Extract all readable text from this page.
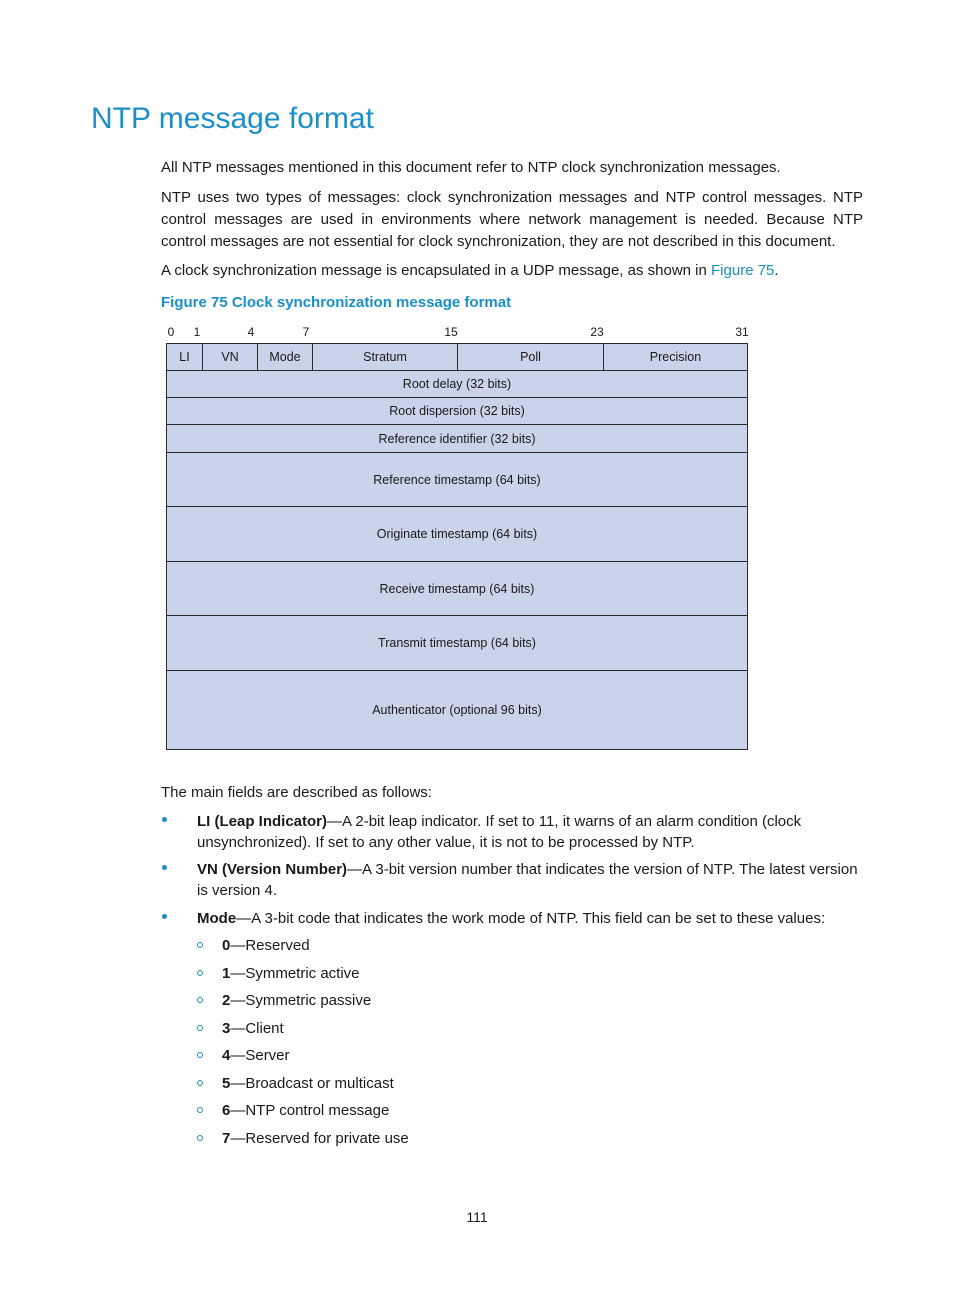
NTP message format

All NTP messages mentioned in this document refer to NTP clock synchronization messages.

NTP uses two types of messages: clock synchronization messages and NTP control messages. NTP control messages are used in environments where network management is needed. Because NTP control messages are not essential for clock synchronization, they are not described in this document.

A clock synchronization message is encapsulated in a UDP message, as shown in Figure 75.

Figure 75 Clock synchronization message format

0 1	4	7	15	23	31
LI	VN	Mode	Stratum	Poll	Precision
Root delay (32 bits)
Root dispersion (32 bits)
Reference identifier (32 bits)
Reference timestamp (64 bits)
Originate timestamp (64 bits)
Receive timestamp (64 bits)
Transmit timestamp (64 bits)
Authenticator (optional 96 bits)

The main fields are described as follows:

LI (Leap Indicator)—A 2-bit leap indicator. If set to 11, it warns of an alarm condition (clock unsynchronized). If set to any other value, it is not to be processed by NTP.
VN (Version Number)—A 3-bit version number that indicates the version of NTP. The latest version is version 4.
Mode—A 3-bit code that indicates the work mode of NTP. This field can be set to these values:
0—Reserved
1—Symmetric active
2—Symmetric passive
3—Client
4—Server
5—Broadcast or multicast
6—NTP control message
7—Reserved for private use
111
